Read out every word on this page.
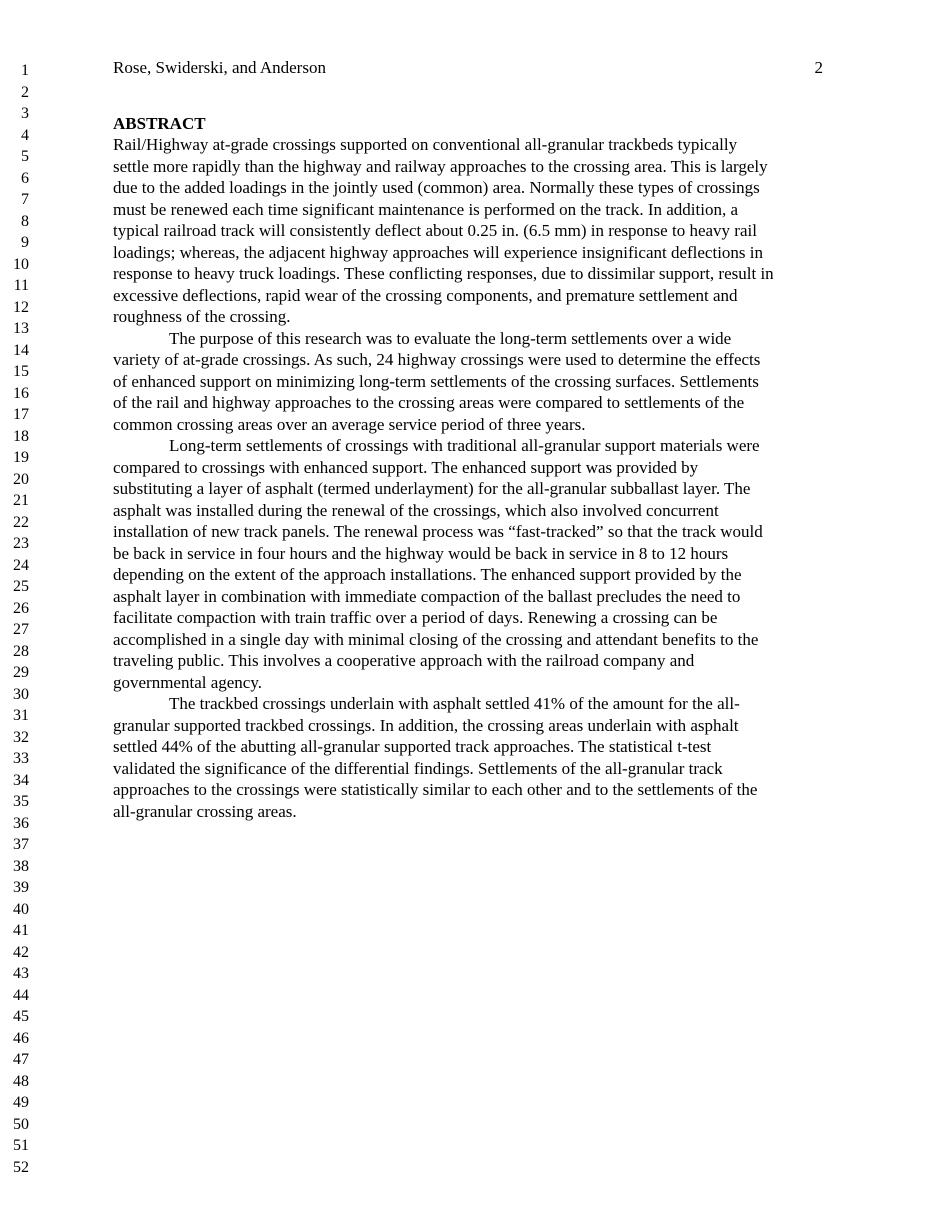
1
2
3
4
5
6
7
8
9
10
11
12
13
14
15
16
17
18
19
20
21
22
23
24
25
26
27
28
29
30
31
32
33
34
35
36
37
38
39
40
41
42
43
44
45
46
47
48
49
50
51
52
Rose, Swiderski, and Anderson	2
ABSTRACT

Rail/Highway at-grade crossings supported on conventional all-granular trackbeds typically
settle more rapidly than the highway and railway approaches to the crossing area. This is largely
due to the added loadings in the jointly used (common) area. Normally these types of crossings
must be renewed each time significant maintenance is performed on the track. In addition, a
typical railroad track will consistently deflect about 0.25 in. (6.5 mm) in response to heavy rail
loadings; whereas, the adjacent highway approaches will experience insignificant deflections in
response to heavy truck loadings. These conflicting responses, due to dissimilar support, result in
excessive deflections, rapid wear of the crossing components, and premature settlement and
roughness of the crossing.

The purpose of this research was to evaluate the long-term settlements over a wide
variety of at-grade crossings. As such, 24 highway crossings were used to determine the effects
of enhanced support on minimizing long-term settlements of the crossing surfaces. Settlements
of the rail and highway approaches to the crossing areas were compared to settlements of the
common crossing areas over an average service period of three years.

Long-term settlements of crossings with traditional all-granular support materials were
compared to crossings with enhanced support. The enhanced support was provided by
substituting a layer of asphalt (termed underlayment) for the all-granular subballast layer. The
asphalt was installed during the renewal of the crossings, which also involved concurrent
installation of new track panels. The renewal process was “fast-tracked” so that the track would
be back in service in four hours and the highway would be back in service in 8 to 12 hours
depending on the extent of the approach installations. The enhanced support provided by the
asphalt layer in combination with immediate compaction of the ballast precludes the need to
facilitate compaction with train traffic over a period of days. Renewing a crossing can be
accomplished in a single day with minimal closing of the crossing and attendant benefits to the
traveling public. This involves a cooperative approach with the railroad company and
governmental agency.

The trackbed crossings underlain with asphalt settled 41% of the amount for the all-
granular supported trackbed crossings. In addition, the crossing areas underlain with asphalt
settled 44% of the abutting all-granular supported track approaches. The statistical t-test
validated the significance of the differential findings. Settlements of the all-granular track
approaches to the crossings were statistically similar to each other and to the settlements of the
all-granular crossing areas.
